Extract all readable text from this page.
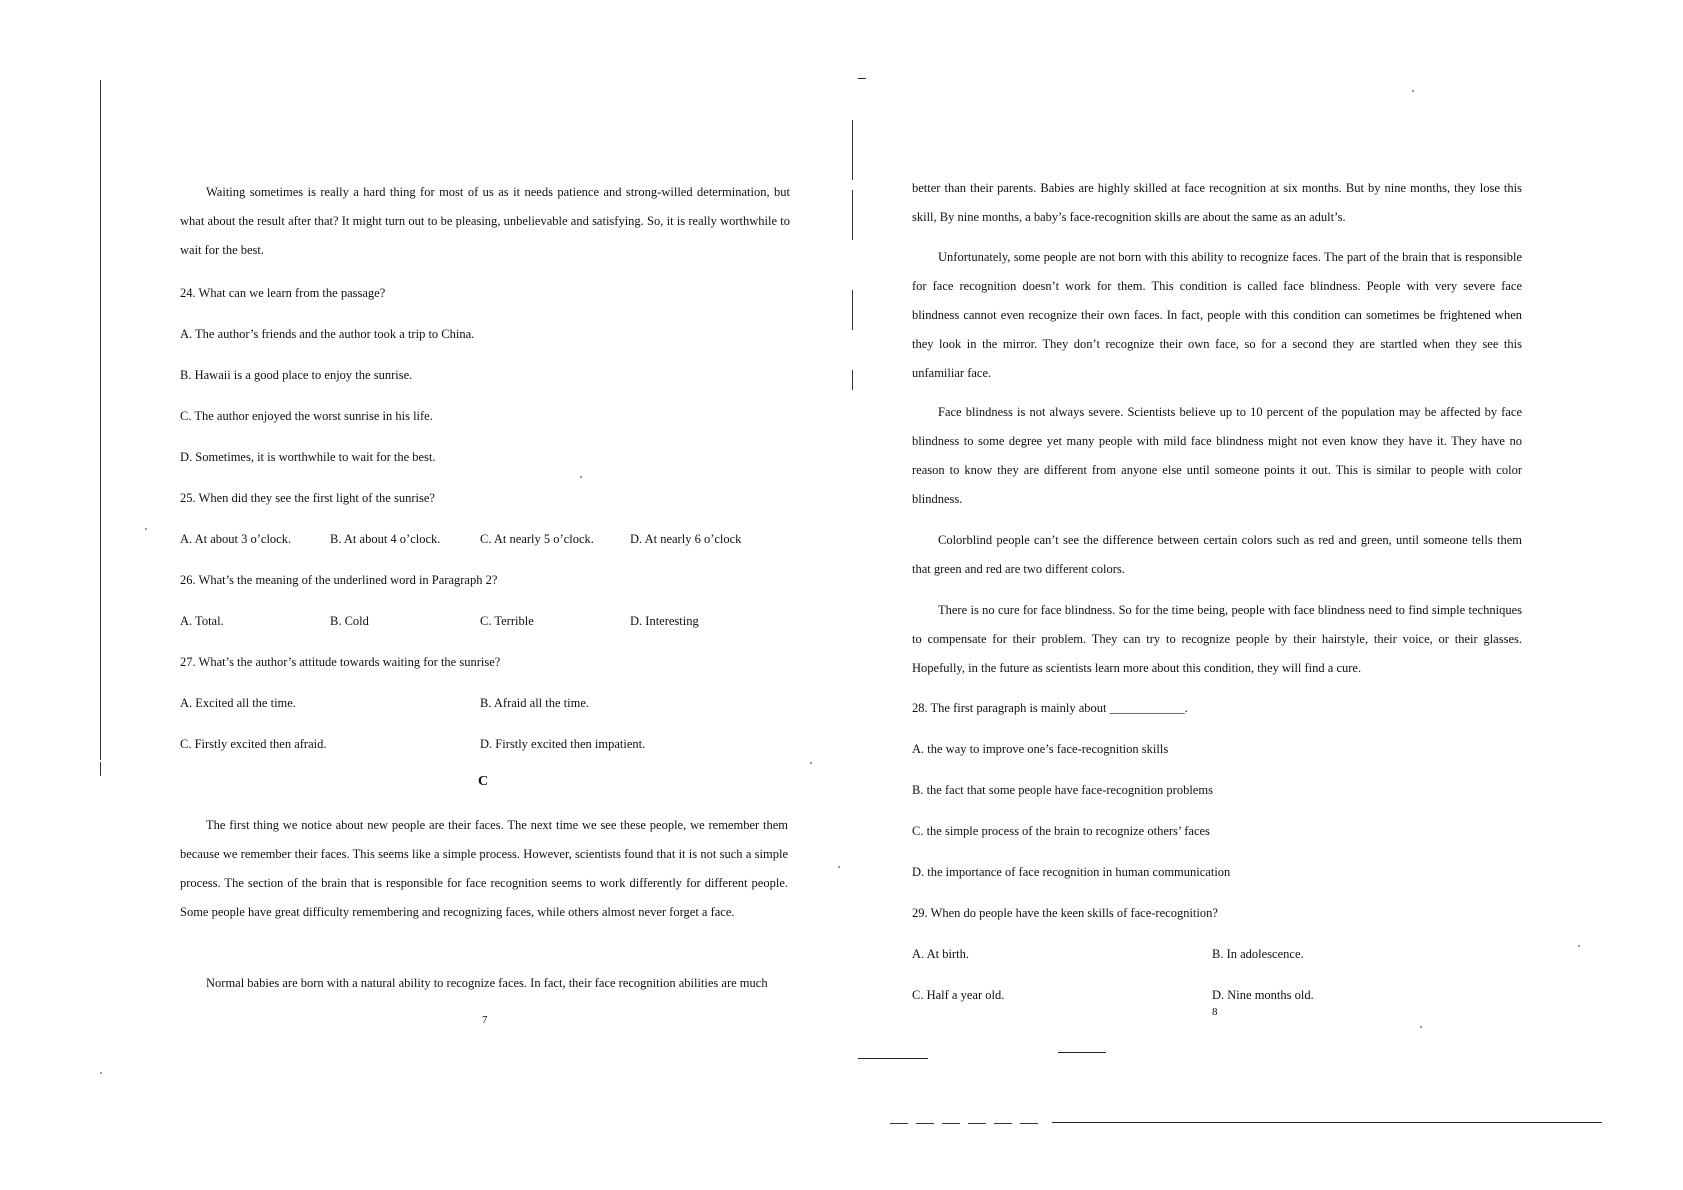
Waiting sometimes is really a hard thing for most of us as it needs patience and strong-willed determination, but what about the result after that? It might turn out to be pleasing, unbelievable and satisfying. So, it is really worthwhile to wait for the best.
24. What can we learn from the passage?
A. The author’s friends and the author took a trip to China.
B. Hawaii is a good place to enjoy the sunrise.
C. The author enjoyed the worst sunrise in his life.
D. Sometimes, it is worthwhile to wait for the best.
25. When did they see the first light of the sunrise?
A. At about 3 o’clock.	B. At about 4 o’clock.	C. At nearly 5 o’clock.	D. At nearly 6 o’clock
26. What’s the meaning of the underlined word in Paragraph 2?
A. Total.	B. Cold	C. Terrible	D. Interesting
27. What’s the author’s attitude towards waiting for the sunrise?
A. Excited all the time.	B. Afraid all the time.
C. Firstly excited then afraid.	D. Firstly excited then impatient.
C
The first thing we notice about new people are their faces. The next time we see these people, we remember them because we remember their faces. This seems like a simple process. However, scientists found that it is not such a simple process. The section of the brain that is responsible for face recognition seems to work differently for different people. Some people have great difficulty remembering and recognizing faces, while others almost never forget a face.
Normal babies are born with a natural ability to recognize faces. In fact, their face recognition abilities are much
7
better than their parents. Babies are highly skilled at face recognition at six months. But by nine months, they lose this skill, By nine months, a baby’s face-recognition skills are about the same as an adult’s.
Unfortunately, some people are not born with this ability to recognize faces. The part of the brain that is responsible for face recognition doesn’t work for them. This condition is called face blindness. People with very severe face blindness cannot even recognize their own faces. In fact, people with this condition can sometimes be frightened when they look in the mirror. They don’t recognize their own face, so for a second they are startled when they see this unfamiliar face.
Face blindness is not always severe. Scientists believe up to 10 percent of the population may be affected by face blindness to some degree yet many people with mild face blindness might not even know they have it. They have no reason to know they are different from anyone else until someone points it out. This is similar to people with color blindness.
Colorblind people can’t see the difference between certain colors such as red and green, until someone tells them that green and red are two different colors.
There is no cure for face blindness. So for the time being, people with face blindness need to find simple techniques to compensate for their problem. They can try to recognize people by their hairstyle, their voice, or their glasses. Hopefully, in the future as scientists learn more about this condition, they will find a cure.
28. The first paragraph is mainly about ____________.
A. the way to improve one’s face-recognition skills
B. the fact that some people have face-recognition problems
C. the simple process of the brain to recognize others’ faces
D. the importance of face recognition in human communication
29. When do people have the keen skills of face-recognition?
A. At birth.	B. In adolescence.
C. Half a year old.	D. Nine months old.
8
